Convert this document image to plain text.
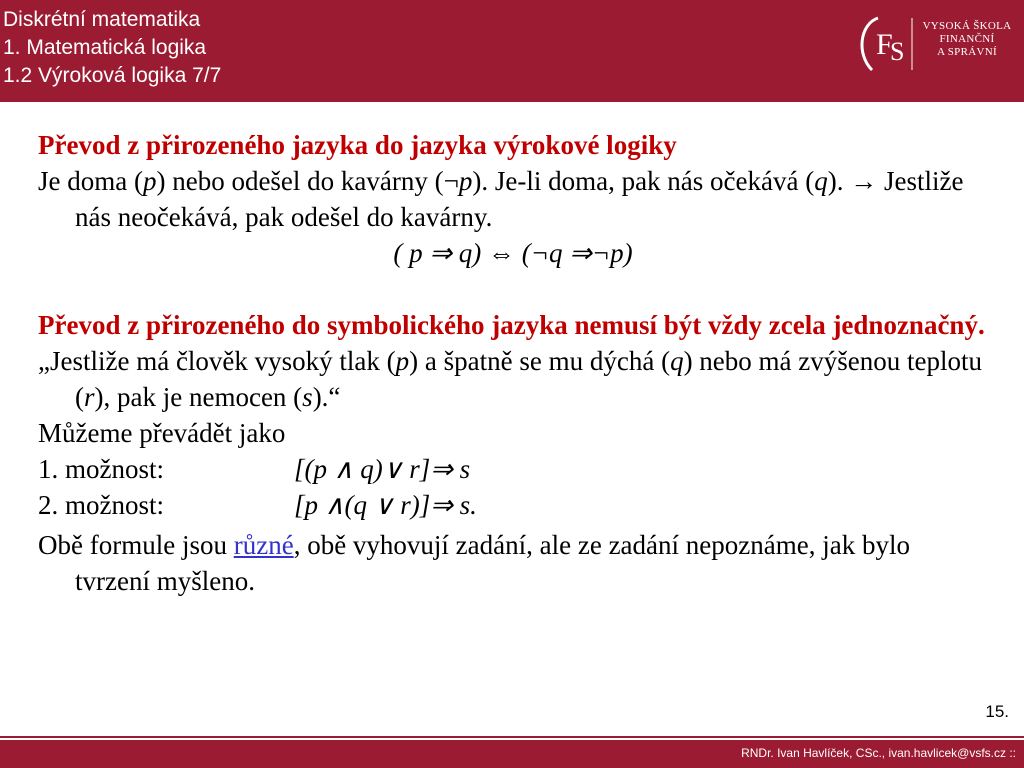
Diskrétní matematika
1. Matematická logika
1.2 Výroková logika 7/7
F
S
VYSOKÁ ŠKOLA
FINANČNÍ
A SPRÁVNÍ
Převod z přirozeného jazyka do jazyka výrokové logiky
Je doma (p) nebo odešel do kavárny (¬p). Je-li doma, pak nás očekává (q). → Jestliže nás neočekává, pak odešel do kavárny.
( p ⇒ q) ⇔ (¬q ⇒¬p)
Převod z přirozeného do symbolického jazyka nemusí být vždy zcela jednoznačný.
„Jestliže má člověk vysoký tlak (p) a špatně se mu dýchá (q) nebo má zvýšenou teplotu (r), pak je nemocen (s).“
Můžeme převádět jako
1. možnost:	[(p ∧ q)∨ r]⇒ s
2. možnost:	[p ∧(q ∨ r)]⇒ s.
Obě formule jsou různé, obě vyhovují zadání, ale ze zadání nepoznáme, jak bylo tvrzení myšleno.
15.
RNDr. Ivan Havlíček, CSc., ivan.havlicek@vsfs.cz ::
